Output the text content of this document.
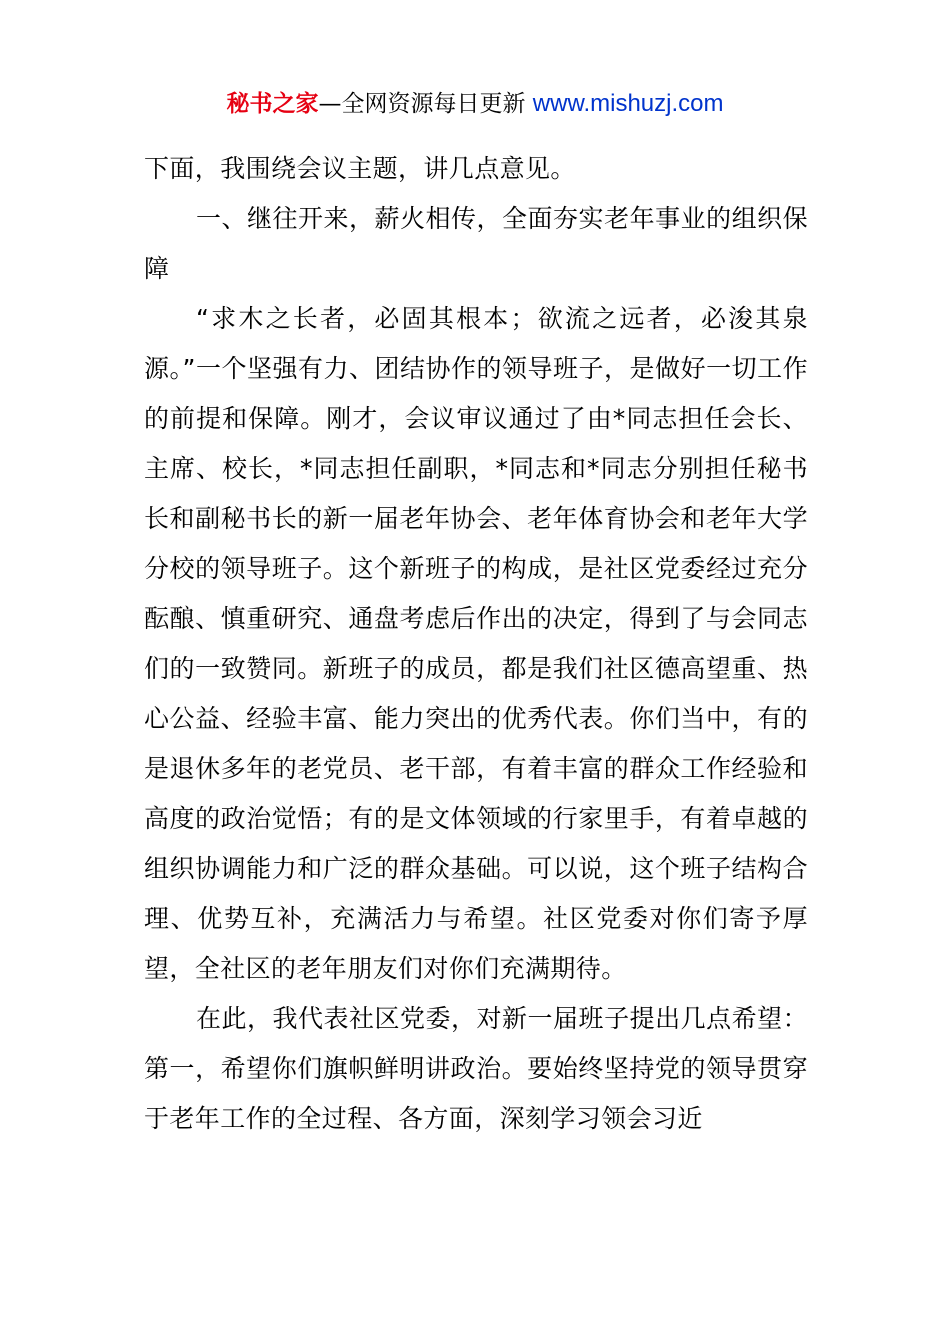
秘书之家—全网资源每日更新 www.mishuzj.com

下面，我围绕会议主题，讲几点意见。

一、继往开来，薪火相传，全面夯实老年事业的组织保障

“求木之长者，必固其根本；欲流之远者，必浚其泉源。”一个坚强有力、团结协作的领导班子，是做好一切工作的前提和保障。刚才，会议审议通过了由*同志担任会长、主席、校长，*同志担任副职，*同志和*同志分别担任秘书长和副秘书长的新一届老年协会、老年体育协会和老年大学分校的领导班子。这个新班子的构成，是社区党委经过充分酝酿、慎重研究、通盘考虑后作出的决定，得到了与会同志们的一致赞同。新班子的成员，都是我们社区德高望重、热心公益、经验丰富、能力突出的优秀代表。你们当中，有的是退休多年的老党员、老干部，有着丰富的群众工作经验和高度的政治觉悟；有的是文体领域的行家里手，有着卓越的组织协调能力和广泛的群众基础。可以说，这个班子结构合理、优势互补，充满活力与希望。社区党委对你们寄予厚望，全社区的老年朋友们对你们充满期待。

在此，我代表社区党委，对新一届班子提出几点希望：第一，希望你们旗帜鲜明讲政治。要始终坚持党的领导贯穿于老年工作的全过程、各方面，深刻学习领会习近
